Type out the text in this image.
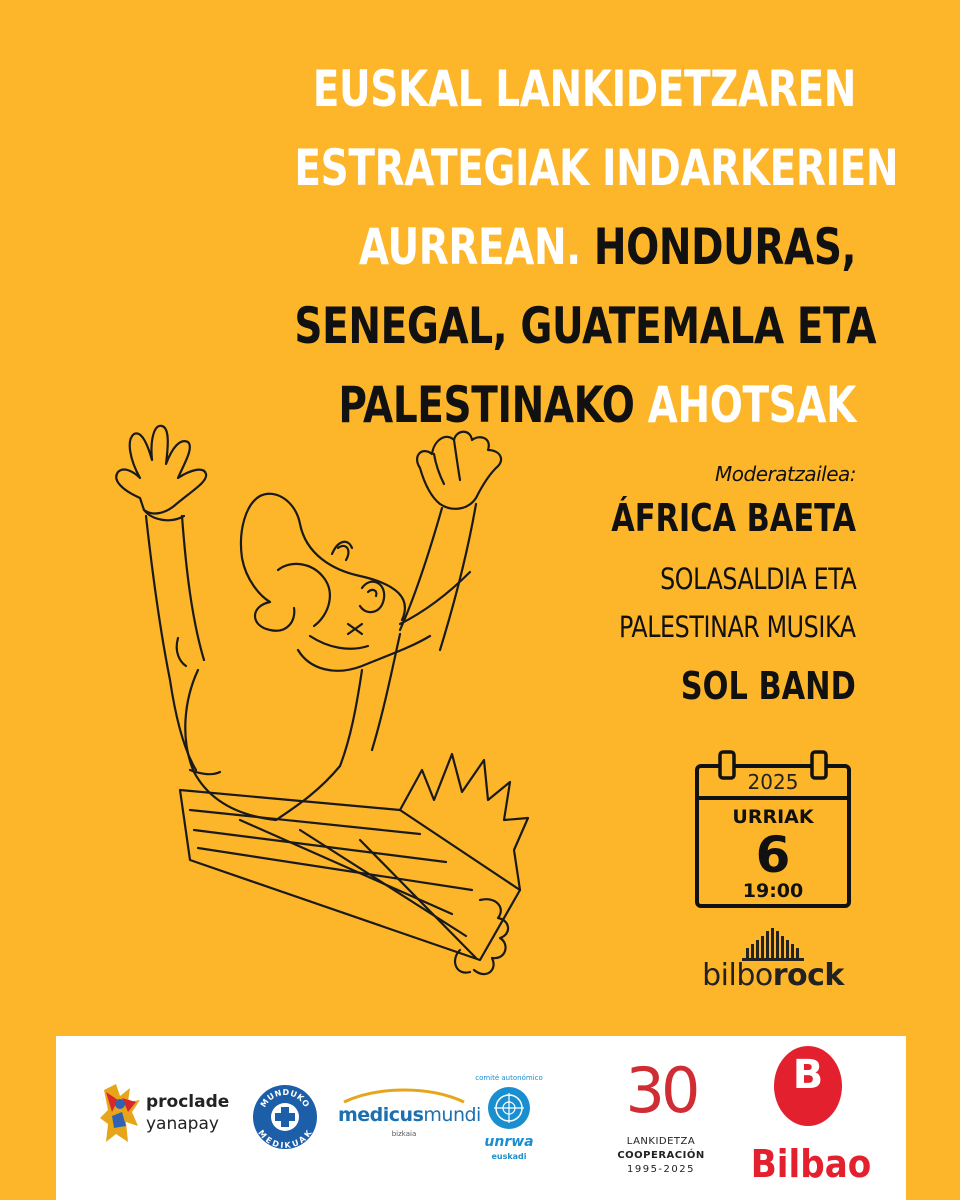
EUSKAL LANKIDETZAREN
ESTRATEGIAK INDARKERIEN
AURREAN. HONDURAS,
SENEGAL, GUATEMALA ETA
PALESTINAKO AHOTSAK
Moderatzailea:
ÁFRICA BAETA
SOLASALDIA ETA
PALESTINAR MUSIKA
SOL BAND
2025
URRIAK
6
19:00
bilborock
proclade
yanapay
MUNDUKO
MEDIKUAK
medicusmundi
bizkaia
comité autonómico
unrwa
euskadi
30
LANKIDETZA
COOPERACIÓN
1995-2025
B
Bilbao
